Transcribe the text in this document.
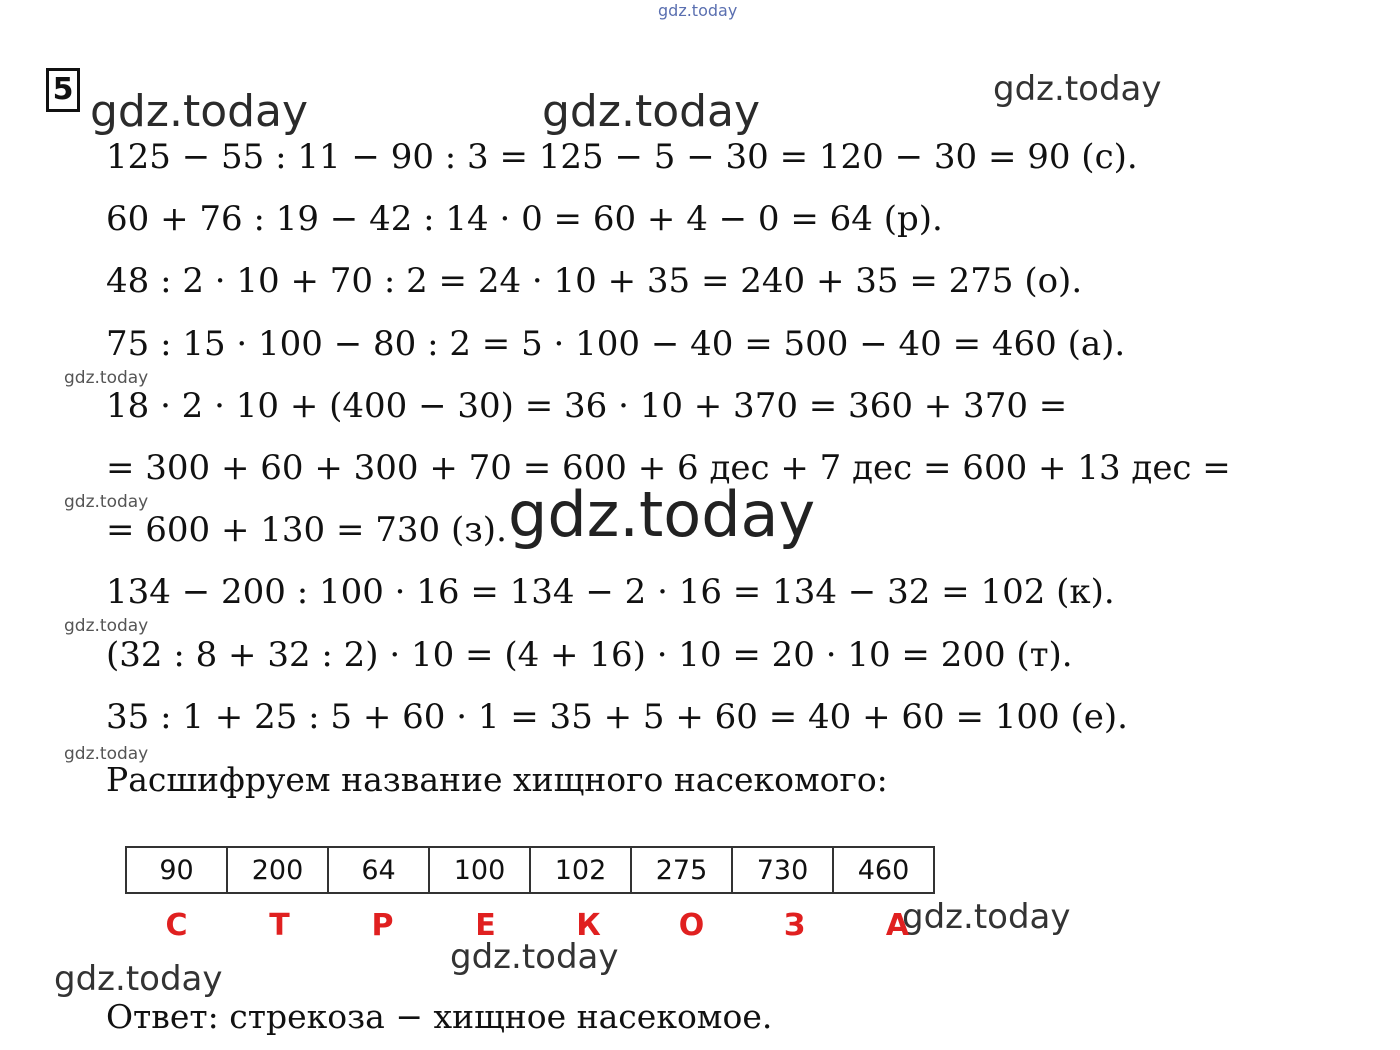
gdz.today
gdz.today	gdz.today	gdz.today
gdz.today
gdz.today
gdz.today
gdz.today
gdz.today
gdz.today
gdz.today
5
125 − 55 : 11 − 90 : 3 = 125 − 5 − 30 = 120 − 30 = 90 (с).
60 + 76 : 19 − 42 : 14 · 0 = 60 + 4 − 0 = 64 (р).
48 : 2 · 10 + 70 : 2 = 24 · 10 + 35 = 240 + 35 = 275 (о).
75 : 15 · 100 − 80 : 2 = 5 · 100 − 40 = 500 − 40 = 460 (а).
18 · 2 · 10 + (400 − 30) = 36 · 10 + 370 = 360 + 370 =
= 300 + 60 + 300 + 70 = 600 + 6 дес + 7 дес = 600 + 13 дес =
= 600 + 130 = 730 (з).
134 − 200 : 100 · 16 = 134 − 2 · 16 = 134 − 32 = 102 (к).
(32 : 8 + 32 : 2) · 10 = (4 + 16) · 10 = 20 · 10 = 200 (т).
35 : 1 + 25 : 5 + 60 · 1 = 35 + 5 + 60 = 40 + 60 = 100 (е).
gdz.today
Расшифруем название хищного насекомого:
90	200	64	100	102	275	730	460
С	Т	Р	Е	К	О	З	А
Ответ: стрекоза − хищное насекомое.
